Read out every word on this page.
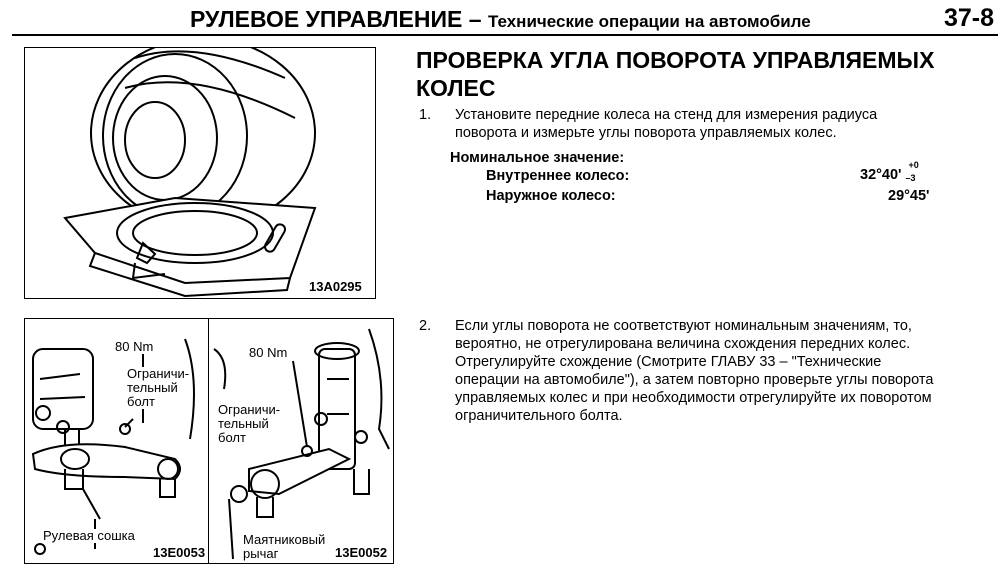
РУЛЕВОЕ УПРАВЛЕНИЕ – Технические операции на автомобиле	37-8
13A0295
80 Nm
Ограничи-
тельный
болт
Рулевая сошка
13E0053
80 Nm
Ограничи-
тельный
болт
Маятниковый
рычаг	13E0052
ПРОВЕРКА УГЛА ПОВОРОТА УПРАВЛЯЕМЫХ КОЛЕС
1. Установите передние колеса на стенд для измерения радиуса
поворота и измерьте углы поворота управляемых колес.
Номинальное значение:
Внутреннее колесо:	32°40'
+0
–3
Наружное колесо:	29°45'
2. Если углы поворота не соответствуют номинальным значениям, то,
вероятно, не отрегулирована величина схождения передних колес.
Отрегулируйте схождение (Смотрите ГЛАВУ 33 – "Технические
операции на автомобиле"), а затем повторно проверьте углы поворота
управляемых колес и при необходимости отрегулируйте их поворотом
ограничительного болта.
